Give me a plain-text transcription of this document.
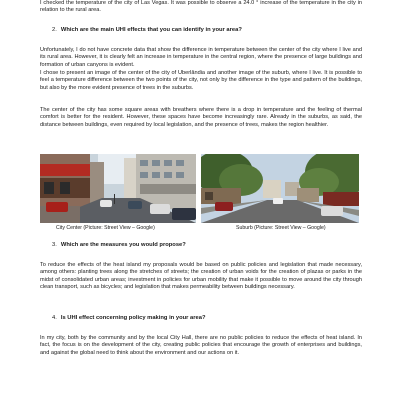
I checked the temperature of the city of Las Vegas. It was possible to observe a 24.0 ° increase of the temperature in the city in relation to the rural area.

2. Which are the main UHI effects that you can identify in your area?

Unfortunately, I do not have concrete data that show the difference in temperature between the center of the city where I live and its rural area. However, it is clearly felt an increase in temperature in the central region, where the presence of large buildings and formation of urban canyons is evident.

I chose to present an image of the center of the city of Uberlândia and another image of the suburb, where I live. It is possible to feel a temperature difference between the two points of the city, not only by the difference in the type and pattern of the buildings, but also by the more evident presence of trees in the suburbs.

The center of the city has some square areas with breathers where there is a drop in temperature and the feeling of thermal comfort is better for the resident. However, these spaces have become increasingly rare. Already in the suburbs, as said, the distance between buildings, even required by local legislation, and the presence of trees, makes the region healthier.

City Center (Picture: Street View – Google)	Suburb (Picture: Street View – Google)

3. Which are the measures you would propose?

To reduce the effects of the heat island my proposals would be based on public policies and legislation that made necessary, among others: planting trees along the stretches of streets; the creation of urban voids for the creation of plazas or parks in the midst of consolidated urban areas; investment in policies for urban mobility that make it possible to move around the city through clean transport, such as bicycles; and legislation that makes permeability between buildings necessary.

4. Is UHI effect concerning policy making in your area?

In my city, both by the community and by the local City Hall, there are no public policies to reduce the effects of heat island. In fact, the focus is on the development of the city, creating public policies that encourage the growth of enterprises and buildings, and against the global need to think about the environment and our actions on it.
